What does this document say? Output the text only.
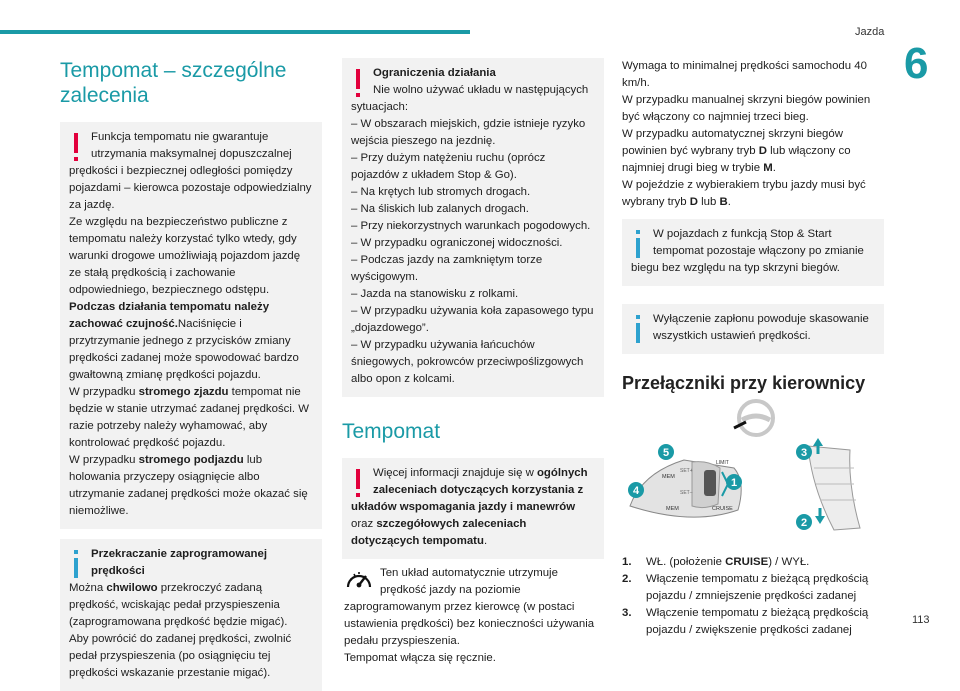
Jazda
6
113
Tempomat – szczególne zalecenia

Funkcja tempomatu nie gwarantuje utrzymania maksymalnej dopuszczalnej prędkości i bezpiecznej odległości pomiędzy pojazdami – kierowca pozostaje odpowiedzialny za jazdę.

Ze względu na bezpieczeństwo publiczne z tempomatu należy korzystać tylko wtedy, gdy warunki drogowe umożliwiają pojazdom jazdę ze stałą prędkością i zachowanie odpowiedniego, bezpiecznego odstępu.

Podczas działania tempomatu należy zachować czujność.Naciśnięcie i przytrzymanie jednego z przycisków zmiany prędkości zadanej może spowodować bardzo gwałtowną zmianę prędkości pojazdu.

W przypadku stromego zjazdu tempomat nie będzie w stanie utrzymać zadanej prędkości. W razie potrzeby należy wyhamować, aby kontrolować prędkość pojazdu.

W przypadku stromego podjazdu lub holowania przyczepy osiągnięcie albo utrzymanie zadanej prędkości może okazać się niemożliwe.

Przekraczanie zaprogramowanej prędkości

Można chwilowo przekroczyć zadaną prędkość, wciskając pedał przyspieszenia (zaprogramowana prędkość będzie migać).

Aby powrócić do zadanej prędkości, zwolnić pedał przyspieszenia (po osiągnięciu tej prędkości wskazanie przestanie migać).

Ograniczenia działania

Nie wolno używać układu w następujących sytuacjach:

– W obszarach miejskich, gdzie istnieje ryzyko wejścia pieszego na jezdnię.

– Przy dużym natężeniu ruchu (oprócz pojazdów z układem Stop & Go).

– Na krętych lub stromych drogach.

– Na śliskich lub zalanych drogach.

– Przy niekorzystnych warunkach pogodowych.

– W przypadku ograniczonej widoczności.

– Podczas jazdy na zamkniętym torze wyścigowym.

– Jazda na stanowisku z rolkami.

– W przypadku używania koła zapasowego typu „dojazdowego”.

– W przypadku używania łańcuchów śniegowych, pokrowców przeciwpoślizgowych albo opon z kolcami.

Tempomat

Więcej informacji znajduje się w ogólnych zaleceniach dotyczących korzystania z układów wspomagania jazdy i manewrów oraz szczegółowych zaleceniach dotyczących tempomatu.

Ten układ automatycznie utrzymuje prędkość jazdy na poziomie zaprogramowanym przez kierowcę (w postaci ustawienia prędkości) bez konieczności używania pedału przyspieszenia.

Tempomat włącza się ręcznie.

Wymaga to minimalnej prędkości samochodu 40 km/h.

W przypadku manualnej skrzyni biegów powinien być włączony co najmniej trzeci bieg.

W przypadku automatycznej skrzyni biegów powinien być wybrany tryb D lub włączony co najmniej drugi bieg w trybie M.

W pojeździe z wybierakiem trybu jazdy musi być wybrany tryb D lub B.

W pojazdach z funkcją Stop & Start tempomat pozostaje włączony po zmianie biegu bez względu na typ skrzyni biegów.

Wyłączenie zapłonu powoduje skasowanie wszystkich ustawień prędkości.

Przełączniki przy kierownicy
MEM
SET+
SET–
LIMIT
CRUISE
MEM
5
1
4
3
2
1.	WŁ. (położenie CRUISE) / WYŁ.
2.	Włączenie tempomatu z bieżącą prędkością pojazdu / zmniejszenie prędkości zadanej
3.	Włączenie tempomatu z bieżącą prędkością pojazdu / zwiększenie prędkości zadanej
